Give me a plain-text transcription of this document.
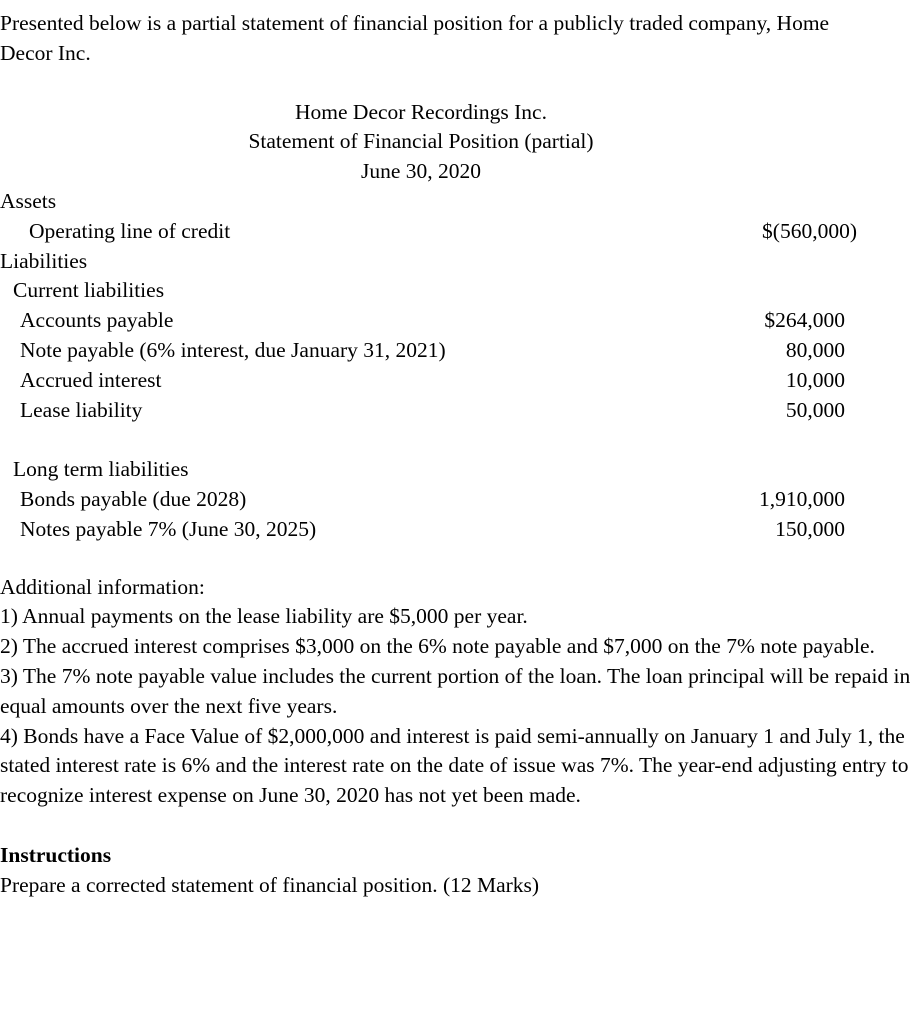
Presented below is a partial statement of financial position for a publicly traded company, Home Decor Inc.

Home Decor Recordings Inc.
Statement of Financial Position (partial)
June 30, 2020
Assets	
Operating line of credit	$(560,000)
Liabilities	
Current liabilities	
Accounts payable	$264,000
Note payable (6% interest, due January 31, 2021)	80,000
Accrued interest	10,000
Lease liability	50,000

Long term liabilities	
Bonds payable (due 2028)	1,910,000
Notes payable 7% (June 30, 2025)	150,000

Additional information:

1) Annual payments on the lease liability are $5,000 per year.

2) The accrued interest comprises $3,000 on the 6% note payable and $7,000 on the 7% note payable.

3) The 7% note payable value includes the current portion of the loan. The loan principal will be repaid in equal amounts over the next five years.

4) Bonds have a Face Value of $2,000,000 and interest is paid semi-annually on January 1 and July 1, the stated interest rate is 6% and the interest rate on the date of issue was 7%. The year-end adjusting entry to recognize interest expense on June 30, 2020 has not yet been made.

Instructions
Prepare a corrected statement of financial position. (12 Marks)
